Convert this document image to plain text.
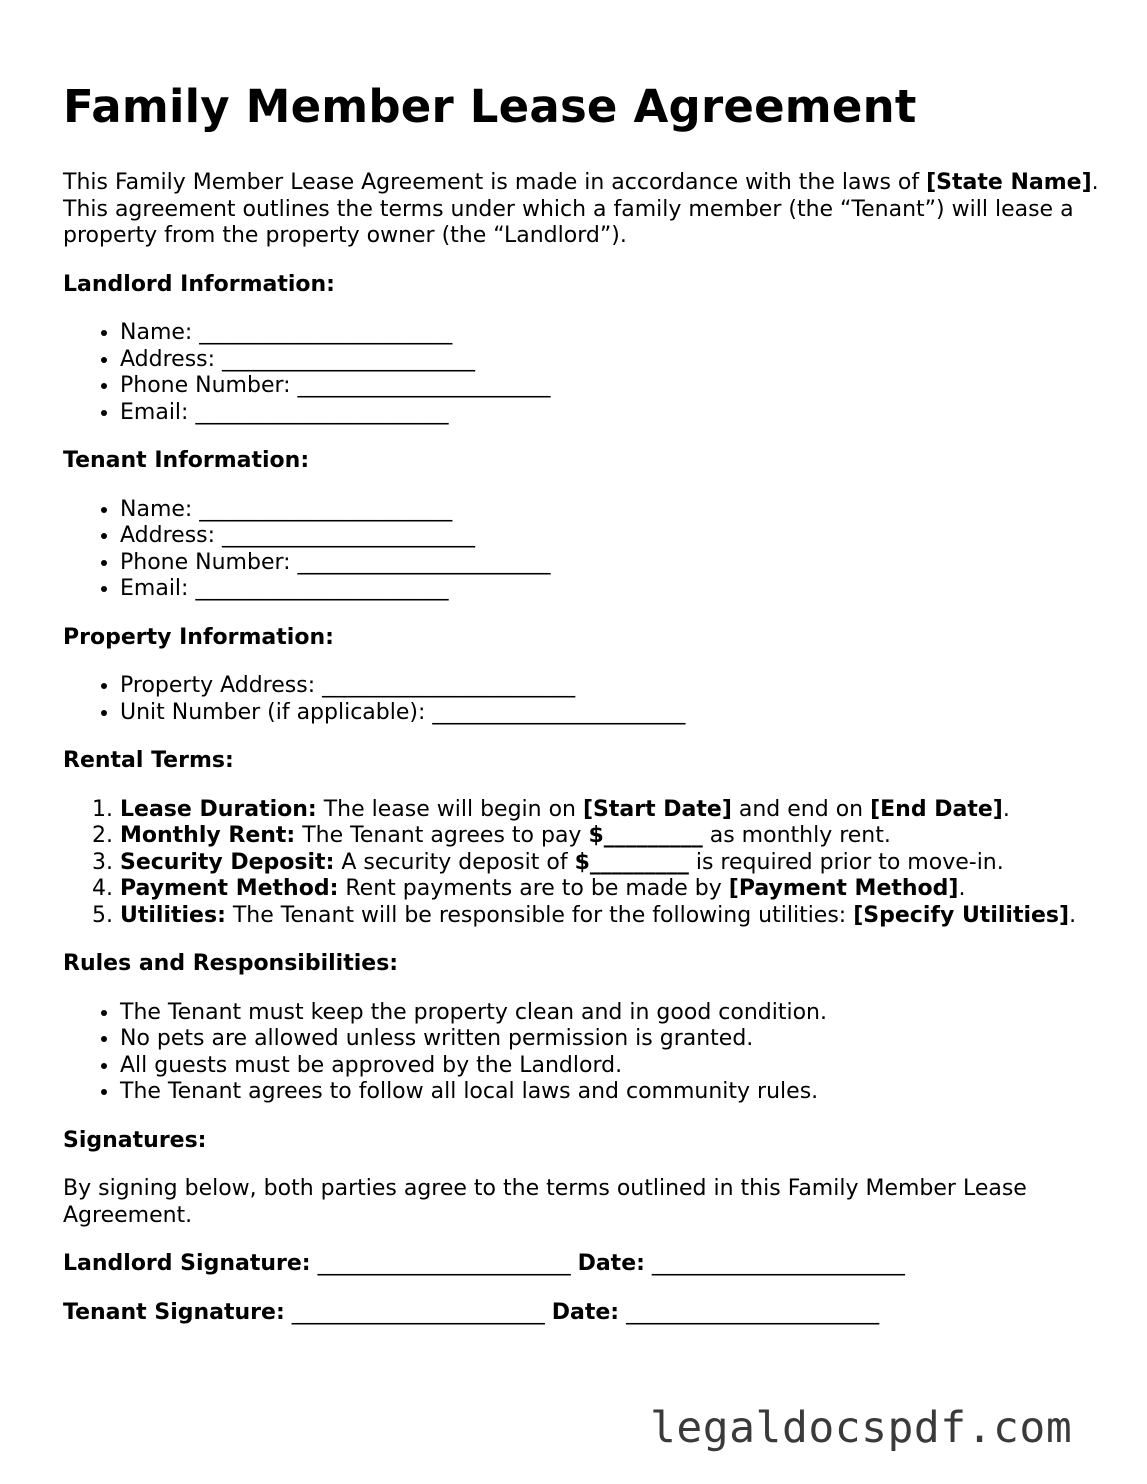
Family Member Lease Agreement

This Family Member Lease Agreement is made in accordance with the laws of [State Name]. This agreement outlines the terms under which a family member (the “Tenant”) will lease a property from the property owner (the “Landlord”).

Landlord Information:
• Name: _______________________
• Address: _______________________
• Phone Number: _______________________
• Email: _______________________
Tenant Information:
• Name: _______________________
• Address: _______________________
• Phone Number: _______________________
• Email: _______________________
Property Information:
• Property Address: _______________________
• Unit Number (if applicable): _______________________
Rental Terms:
1. Lease Duration: The lease will begin on [Start Date] and end on [End Date].
2. Monthly Rent: The Tenant agrees to pay $_________ as monthly rent.
3. Security Deposit: A security deposit of $_________ is required prior to move-in.
4. Payment Method: Rent payments are to be made by [Payment Method].
5. Utilities: The Tenant will be responsible for the following utilities: [Specify Utilities].
Rules and Responsibilities:
• The Tenant must keep the property clean and in good condition.
• No pets are allowed unless written permission is granted.
• All guests must be approved by the Landlord.
• The Tenant agrees to follow all local laws and community rules.
Signatures:

By signing below, both parties agree to the terms outlined in this Family Member Lease Agreement.

Landlord Signature: _______________________ Date: _______________________

Tenant Signature: _______________________ Date: _______________________

legaldocspdf.com
